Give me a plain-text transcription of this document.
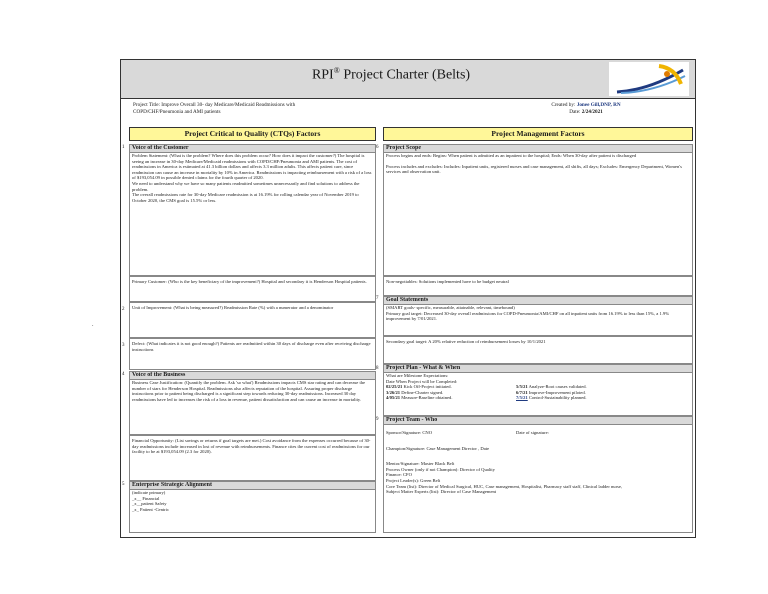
.
RPI® Project Charter (Belts)
Project Title: Improve Overall 30- day Medicare/Medicaid Readmissions with
COPD/CHF/Pneumonia and AMI patients
Created by: Jonee Gill,DNP, RN
Date: 2/24/2021
Project Critical to Quality (CTQs) Factors	Project Management Factors
1	Voice of the Customer

Problem Statement: (What is the problem? Where does this problem occur? How does it impact the customer?) The hospital is seeing an increase in 30-day Medicare/Medicaid readmissions with COPD/CHF/Pneumonia and AMI patients. The cost of readmissions in America is estimated at 41.3 billion dollars and affects 3.3 million adults. This affects patient care, since readmission can cause an increase in mortality by 10% in America. Readmissions is impacting reimbursement with a risk of a loss of $193,054.09 in possible denied claims for the fourth quarter of 2020.

We need to understand why we have so many patients readmitted sometimes unnecessarily and find solutions to address the problem.

The overall readmissions rate for 30-day Medicare readmission is at 16.19% for rolling calendar year of November 2019 to October 2020, the CMS goal is 15.5% or less.

Primary Customer: (Who is the key beneficiary of the improvement?) Hospital and secondary it is Henderson Hospital patients.
2	Unit of Improvement: (What is being measured?) Readmission Rate (%) with a numerator and a denominator
3	Defect: (What indicates it is not good enough?) Patients are readmitted within 30 days of discharge even after receiving discharge instructions
4	Voice of the Business

Business Case Justification: (Quantify the problem. Ask 'so what') Readmissions impacts CMS star rating and can decrease the number of stars for Henderson Hospital. Readmissions also affects reputation of the hospital. Assuring proper discharge instructions prior to patient being discharged is a significant step towards reducing 30-day readmissions. Increased 30 day readmissions have led to increases the risk of a loss in revenue, patient dissatisfaction and can cause an increase in mortality.

Financial Opportunity: (List savings or returns if goal targets are met.) Cost avoidance from the expenses occurred because of 30-day readmissions include increased in lost of revenue with reimbursements. Finance cites the current cost of readmissions for our facility to be at $193,054.09 (2.3 for 2020).
5	Enterprise Strategic Alignment
(indicate primary)
_x__ Financial
_x__patient Safety
_x_ Patient -Centric
6	Project Scope

Process begins and ends: Begins: When patient is admitted as an inpatient to the hospital; Ends: When 30-day after patient is discharged

Process includes and excludes: Includes: Inpatient units, registered nurses and case management, all shifts, all days; Excludes: Emergency Department, Women's services and observation unit.

Non-negotiables: Solutions implemented have to be budget neutral
7	Goal Statements
(SMART goals- specific, measurable, attainable, relevant, timebound)
Primary goal target: Decreased 30-day overall readmissions for COPD-Pneumonia/AMI/CHF on all inpatient units from 16.19% to less than 15%, a 1.9% improvement by 7/01/2021.
Secondary goal target: A 20% relative reduction of reimbursement losses by 10/1/2021
8	Project Plan - What & When
What are Milestone Expectations:
Date When Project will be Completed:
02/25/21 Kick Off-Project initiated.	5/5/21 Analyze-Root causes validated.
3/26/21 Define-Charter signed.	6/7/21 Improve-Improvement piloted.
4/05/21 Measure-Baseline obtained.	7/5/21 Control-Sustainability planned.
9	Project Team - Who
Sponsor/Signature: CNO	Date of signature:
Champion/Signature: Case Management Director , Date
Mentor/Signature: Master Black Belt
Process Owner (only if not Champion): Director of Quality
Finance: CFO
Project Leader(s): Green Belt
Core Team (list): Director of Medical Surgical, HUC, Case management, Hospitalist, Pharmacy staff staff, Clinical ladder nurse,
Subject Matter Experts (list): Director of Case Management
